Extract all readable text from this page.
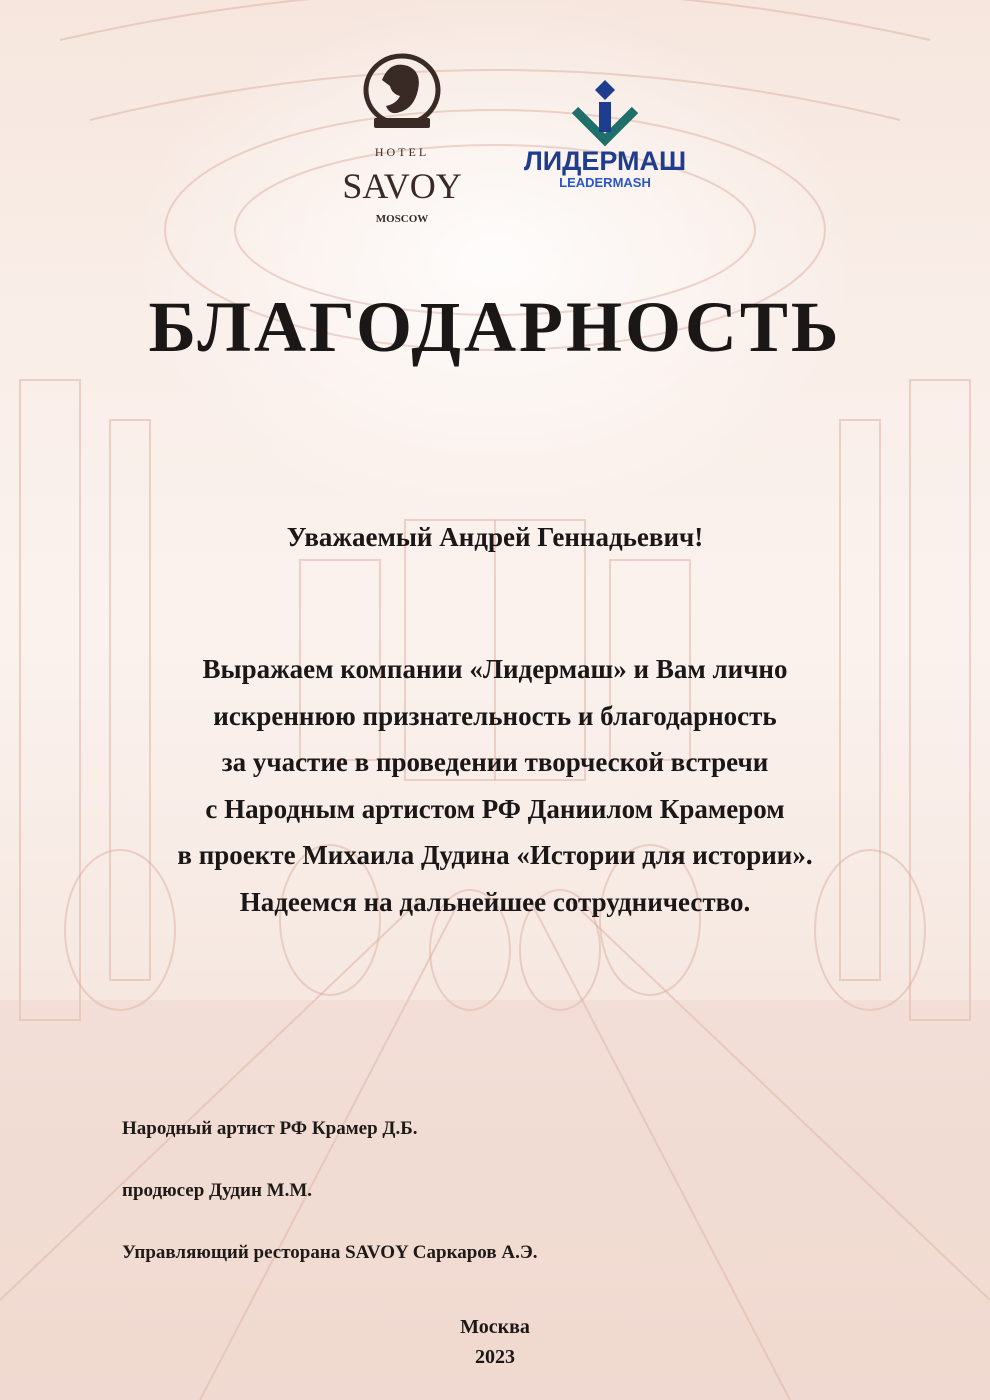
HOTEL
SAVOY
MOSCOW
ЛИДЕРМАШ
LEADERMASH
БЛАГОДАРНОСТЬ
Уважаемый Андрей Геннадьевич!
Выражаем компании «Лидермаш» и Вам лично
искреннюю признательность и благодарность
за участие в проведении творческой встречи
с Народным артистом РФ Даниилом Крамером
в проекте Михаила Дудина «Истории для истории».
Надеемся на дальнейшее сотрудничество.
Народный артист РФ Крамер Д.Б.
продюсер Дудин М.М.
Управляющий ресторана SAVOY Саркаров А.Э.
Москва
2023
